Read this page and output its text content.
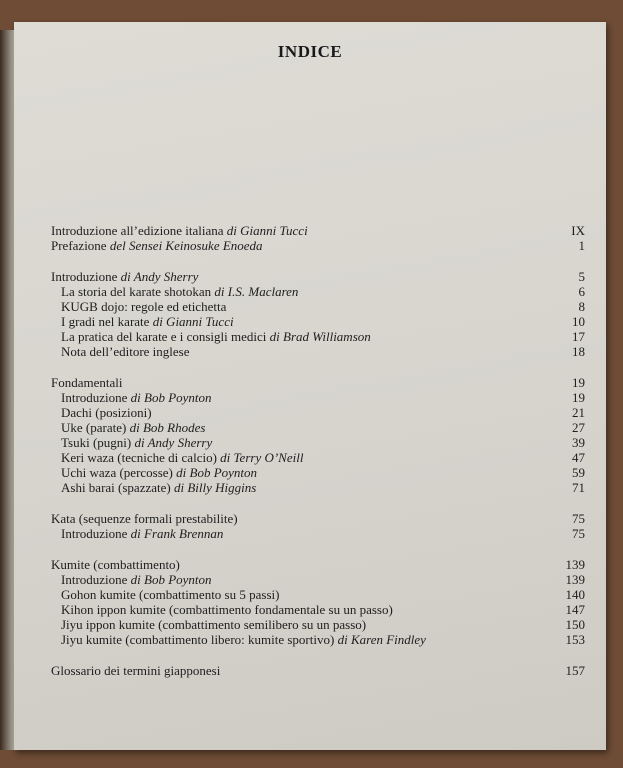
INDICE
Introduzione all’edizione italiana di Gianni Tucci	IX
Prefazione del Sensei Keinosuke Enoeda	1
Introduzione di Andy Sherry	5
La storia del karate shotokan di I.S. Maclaren	6
KUGB dojo: regole ed etichetta	8
I gradi nel karate di Gianni Tucci	10
La pratica del karate e i consigli medici di Brad Williamson	17
Nota dell’editore inglese	18
Fondamentali	19
Introduzione di Bob Poynton	19
Dachi (posizioni)	21
Uke (parate) di Bob Rhodes	27
Tsuki (pugni) di Andy Sherry	39
Keri waza (tecniche di calcio) di Terry O’Neill	47
Uchi waza (percosse) di Bob Poynton	59
Ashi barai (spazzate) di Billy Higgins	71
Kata (sequenze formali prestabilite)	75
Introduzione di Frank Brennan	75
Kumite (combattimento)	139
Introduzione di Bob Poynton	139
Gohon kumite (combattimento su 5 passi)	140
Kihon ippon kumite (combattimento fondamentale su un passo)	147
Jiyu ippon kumite (combattimento semilibero su un passo)	150
Jiyu kumite (combattimento libero: kumite sportivo) di Karen Findley	153
Glossario dei termini giapponesi	157
